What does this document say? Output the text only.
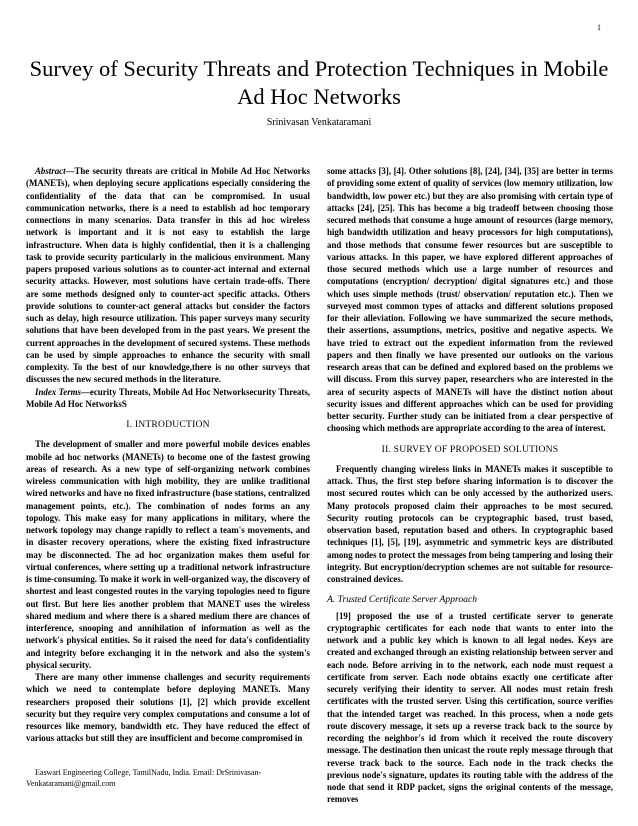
1
Survey of Security Threats and Protection Techniques in Mobile Ad Hoc Networks
Srinivasan Venkataramani

Abstract—The security threats are critical in Mobile Ad Hoc Networks (MANETs), when deploying secure applications especially considering the confidentiality of the data that can be compromised. In usual communication networks, there is a need to establish ad hoc temporary connections in many scenarios. Data transfer in this ad hoc wireless network is important and it is not easy to establish the large infrastructure. When data is highly confidential, then it is a challenging task to provide security particularly in the malicious environment. Many papers proposed various solutions as to counter-act internal and external security attacks. However, most solutions have certain trade-offs. There are some methods designed only to counter-act specific attacks. Others provide solutions to counter-act general attacks but consider the factors such as delay, high resource utilization. This paper surveys many security solutions that have been developed from in the past years. We present the current approaches in the development of secured systems. These methods can be used by simple approaches to enhance the security with small complexity. To the best of our knowledge,there is no other surveys that discusses the new secured methods in the literature.

Index Terms—ecurity Threats, Mobile Ad Hoc Networksecurity Threats, Mobile Ad Hoc NetworksS

I. INTRODUCTION

The development of smaller and more powerful mobile devices enables mobile ad hoc networks (MANETs) to become one of the fastest growing areas of research. As a new type of self-organizing network combines wireless communication with high mobility, they are unlike traditional wired networks and have no fixed infrastructure (base stations, centralized management points, etc.). The combination of nodes forms an any topology. This make easy for many applications in military, where the network topology may change rapidly to reflect a team's movements, and in disaster recovery operations, where the existing fixed infrastructure may be disconnected. The ad hoc organization makes them useful for virtual conferences, where setting up a traditional network infrastructure is time-consuming. To make it work in well-organized way, the discovery of shortest and least congested routes in the varying topologies need to figure out first. But here lies another problem that MANET uses the wireless shared medium and where there is a shared medium there are chances of interference, snooping and annihilation of information as well as the network's physical entities. So it raised the need for data's confidentiality and integrity before exchanging it in the network and also the system's physical security.

There are many other immense challenges and security requirements which we need to contemplate before deploying MANETs. Many researchers proposed their solutions [1], [2] which provide excellent security but they require very complex computations and consume a lot of resources like memory, bandwidth etc. They have reduced the effect of various attacks but still they are insufficient and become compromised in

some attacks [3], [4]. Other solutions [8], [24], [34], [35] are better in terms of providing some extent of quality of services (low memory utilization, low bandwidth, low power etc.) but they are also promising with certain type of attacks [24], [25]. This has become a big tradeoff between choosing those secured methods that consume a huge amount of resources (large memory, high bandwidth utilization and heavy processors for high computations), and those methods that consume fewer resources but are susceptible to various attacks. In this paper, we have explored different approaches of those secured methods which use a large number of resources and computations (encryption/ decryption/ digital signatures etc.) and those which uses simple methods (trust/ observation/ reputation etc.). Then we surveyed most common types of attacks and different solutions proposed for their alleviation. Following we have summarized the secure methods, their assertions, assumptions, metrics, positive and negative aspects. We have tried to extract out the expedient information from the reviewed papers and then finally we have presented our outlooks on the various research areas that can be defined and explored based on the problems we will discuss. From this survey paper, researchers who are interested in the area of security aspects of MANETs will have the distinct notion about security issues and different approaches which can be used for providing better security. Further study can be initiated from a clear perspective of choosing which methods are appropriate according to the area of interest.

II. SURVEY OF PROPOSED SOLUTIONS

Frequently changing wireless links in MANETs makes it susceptible to attack. Thus, the first step before sharing information is to discover the most secured routes which can be only accessed by the authorized users. Many protocols proposed claim their approaches to be most secured. Security routing protocols can be cryptographic based, trust based, observation based, reputation based and others. In cryptographic based techniques [1], [5], [19], asymmetric and symmetric keys are distributed among nodes to protect the messages from being tampering and losing their integrity. But encryption/decryption schemes are not suitable for resource-constrained devices.

A. Trusted Certificate Server Approach

[19] proposed the use of a trusted certificate server to generate cryptographic certificates for each node that wants to enter into the network and a public key which is known to all legal nodes. Keys are created and exchanged through an existing relationship between server and each node. Before arriving in to the network, each node must request a certificate from server. Each node obtains exactly one certificate after securely verifying their identity to server. All nodes must retain fresh certificates with the trusted server. Using this certification, source verifies that the intended target was reached. In this process, when a node gets route discovery message, it sets up a reverse track back to the source by recording the neighbor's id from which it received the route discovery message. The destination then unicast the route reply message through that reverse track back to the source. Each node in the track checks the previous node's signature, updates its routing table with the address of the node that send it RDP packet, signs the original contents of the message, removes

Easwari Engineering College, TamilNadu, India. Email: DrSrinivasan-Venkataramani@gmail.com
